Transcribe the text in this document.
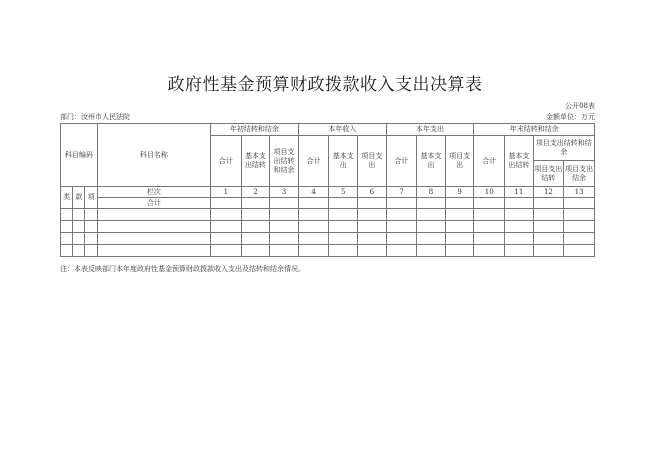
政府性基金预算财政拨款收入支出决算表
公开08表
部门：汝州市人民法院	金额单位：万元
科目编码			科目名称	年初结转和结余			本年收入			本年支出			年末结转和结余			
				合计	基本支出结转	项目支出结转和结余	合计	基本支出	项目支出	合计	基本支出	项目支出	合计	基本支出结转	项目支出结转和结余	
															项目支出结转	项目支出结余
类	款	项	栏次	1	2	3	4	5	6	7	8	9	10	11	12	13
			合计													

注：本表反映部门本年度政府性基金预算财政拨款收入支出及结转和结余情况。
